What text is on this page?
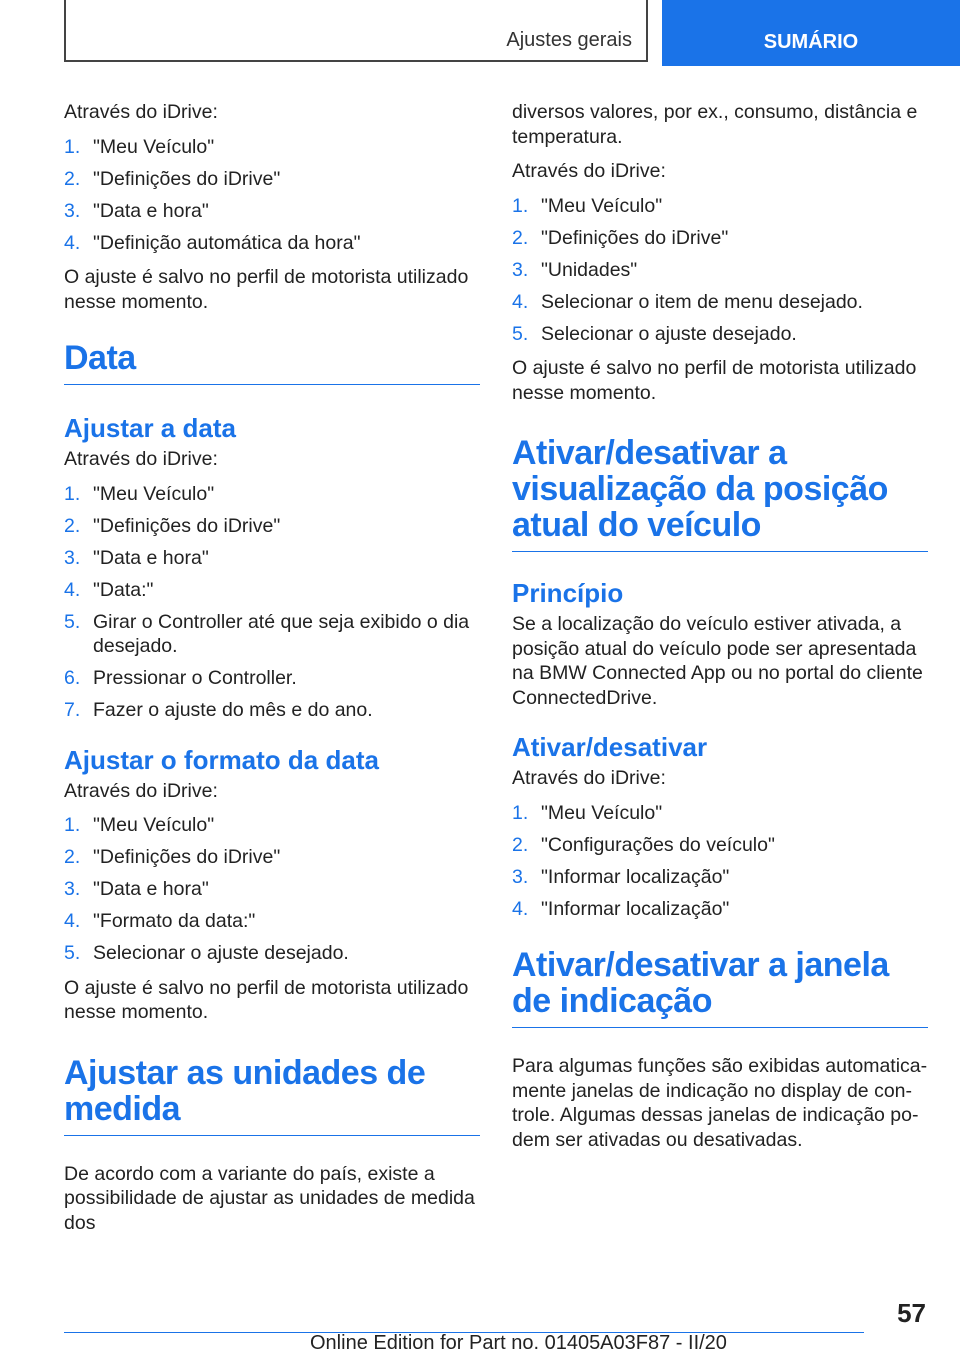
Ajustes gerais	SUMÁRIO

Através do iDrive:

1. "Meu Veículo"
2. "Definições do iDrive"
3. "Data e hora"
4. "Definição automática da hora"

O ajuste é salvo no perfil de motorista utilizado nesse momento.

Data
Ajustar a data

Através do iDrive:

1. "Meu Veículo"
2. "Definições do iDrive"
3. "Data e hora"
4. "Data:"
5. Girar o Controller até que seja exibido o dia desejado.
6. Pressionar o Controller.
7. Fazer o ajuste do mês e do ano.
Ajustar o formato da data

Através do iDrive:

1. "Meu Veículo"
2. "Definições do iDrive"
3. "Data e hora"
4. "Formato da data:"
5. Selecionar o ajuste desejado.

O ajuste é salvo no perfil de motorista utilizado nesse momento.

Ajustar as unidades de medida

De acordo com a variante do país, existe a possibilidade de ajustar as unidades de medida dos

diversos valores, por ex., consumo, distância e temperatura.

Através do iDrive:

1. "Meu Veículo"
2. "Definições do iDrive"
3. "Unidades"
4. Selecionar o item de menu desejado.
5. Selecionar o ajuste desejado.

O ajuste é salvo no perfil de motorista utilizado nesse momento.

Ativar/desativar a visualização da posição atual do veículo
Princípio

Se a localização do veículo estiver ativada, a posição atual do veículo pode ser apresentada na BMW Connected App ou no portal do cliente ConnectedDrive.

Ativar/desativar

Através do iDrive:

1. "Meu Veículo"
2. "Configurações do veículo"
3. "Informar localização"
4. "Informar localização"
Ativar/desativar a janela de indicação

Para algumas funções são exibidas automaticamente janelas de indicação no display de controle. Algumas dessas janelas de indicação podem ser ativadas ou desativadas.

57
Online Edition for Part no. 01405A03F87 - II/20
